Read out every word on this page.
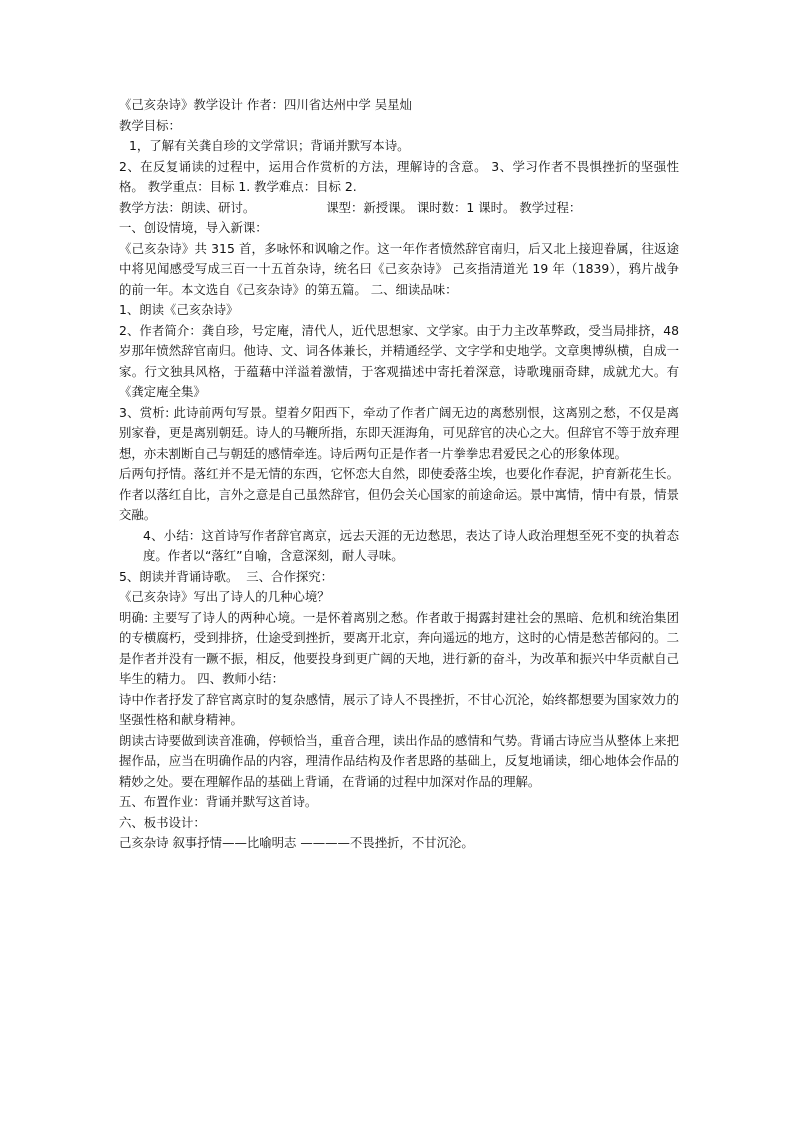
《己亥杂诗》教学设计 作者：四川省达州中学 吴星灿
教学目标：
1，了解有关龚自珍的文学常识；背诵并默写本诗。
2、在反复诵读的过程中，运用合作赏析的方法，理解诗的含意。 3、学习作者不畏惧挫折的坚强性格。 教学重点：目标 1. 教学难点：目标 2.
教学方法：朗读、研讨。                  课型：新授课。 课时数：1 课时。 教学过程：
一、创设情境，导入新课：
《己亥杂诗》共 315 首，多咏怀和讽喻之作。这一年作者愤然辞官南归，后又北上接迎眷属，往返途中将见闻感受写成三百一十五首杂诗，统名曰《己亥杂诗》 己亥指清道光 19 年（1839），鸦片战争的前一年。本文选自《己亥杂诗》的第五篇。 二、细读品味：
1、朗读《己亥杂诗》
2、作者简介：龚自珍，号定庵，清代人，近代思想家、文学家。由于力主改革弊政，受当局排挤，48 岁那年愤然辞官南归。他诗、文、词各体兼长，并精通经学、文字学和史地学。文章奥博纵横，自成一家。行文独具风格，于蕴藉中洋溢着激情，于客观描述中寄托着深意，诗歌瑰丽奇肆，成就尤大。有《龚定庵全集》
3、赏析: 此诗前两句写景。望着夕阳西下，牵动了作者广阔无边的离愁别恨，这离别之愁，不仅是离别家眷，更是离别朝廷。诗人的马鞭所指，东即天涯海角，可见辞官的决心之大。但辞官不等于放弃理想，亦未割断自己与朝廷的感情牵连。诗后两句正是作者一片拳拳忠君爱民之心的形象体现。
后两句抒情。落红并不是无情的东西，它怀恋大自然，即使委落尘埃，也要化作春泥，护育新花生长。作者以落红自比，言外之意是自己虽然辞官，但仍会关心国家的前途命运。景中寓情，情中有景，情景交融。
4、小结：这首诗写作者辞官离京，远去天涯的无边愁思，表达了诗人政治理想至死不变的执着态度。作者以“落红”自喻，含意深刻，耐人寻味。
5、朗读并背诵诗歌。  三、合作探究：
《己亥杂诗》写出了诗人的几种心境？
明确: 主要写了诗人的两种心境。一是怀着离别之愁。作者敢于揭露封建社会的黑暗、危机和统治集团的专横腐朽，受到排挤，仕途受到挫折，要离开北京，奔向遥远的地方，这时的心情是愁苦郁闷的。二是作者并没有一蹶不振，相反，他要投身到更广阔的天地，进行新的奋斗，为改革和振兴中华贡献自己毕生的精力。 四、教师小结：
诗中作者抒发了辞官离京时的复杂感情，展示了诗人不畏挫折，不甘心沉沦，始终都想要为国家效力的坚强性格和献身精神。
朗读古诗要做到读音准确，停顿恰当，重音合理，读出作品的感情和气势。背诵古诗应当从整体上来把握作品，应当在明确作品的内容，理清作品结构及作者思路的基础上，反复地诵读，细心地体会作品的精妙之处。要在理解作品的基础上背诵，在背诵的过程中加深对作品的理解。
五、布置作业：背诵并默写这首诗。
六、板书设计：
己亥杂诗 叙事抒情——比喻明志 ————不畏挫折，不甘沉沦。
